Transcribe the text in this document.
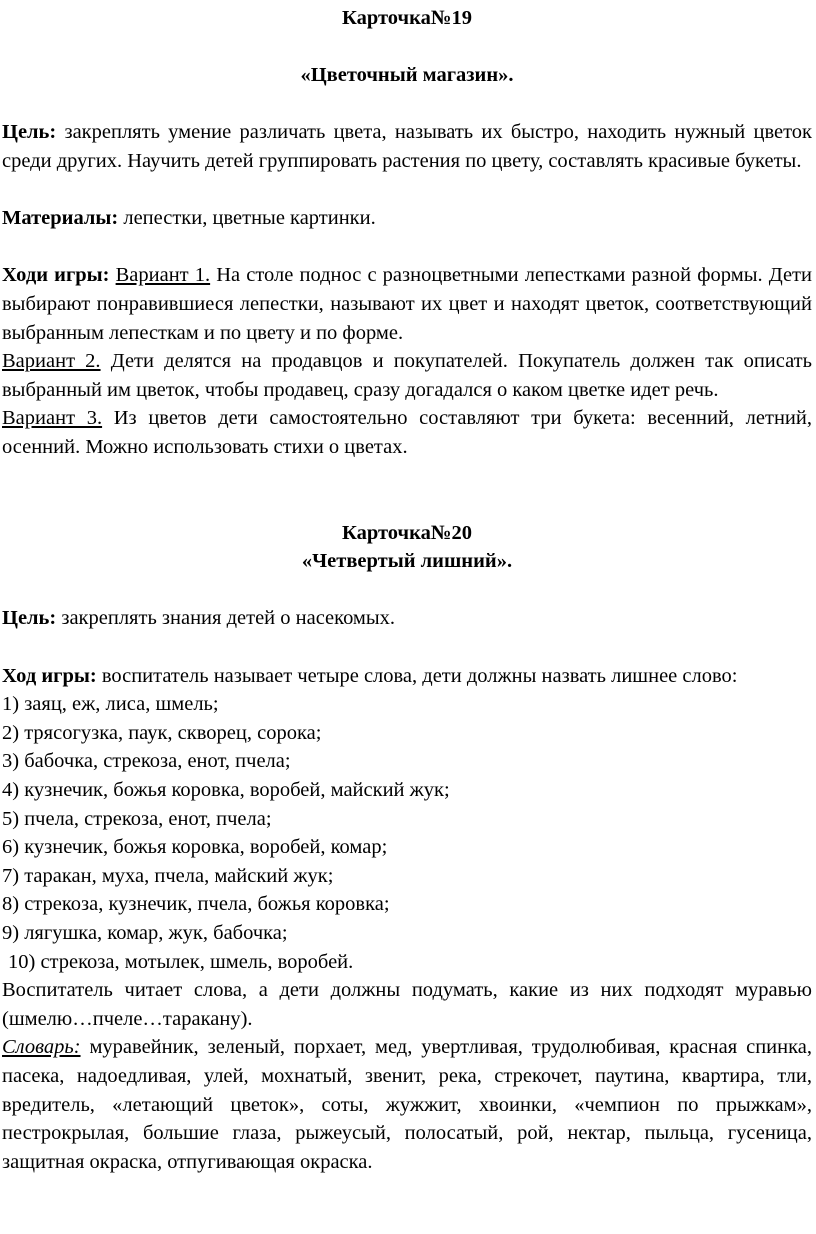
Карточка№19

«Цветочный магазин».

Цель: закреплять умение различать цвета, называть их быстро, находить нужный цветок среди других. Научить детей группировать растения по цвету, составлять красивые букеты.

Материалы: лепестки, цветные картинки.

Ходи игры: Вариант 1. На столе поднос с разноцветными лепестками разной формы. Дети выбирают понравившиеся лепестки, называют их цвет и находят цветок, соответствующий выбранным лепесткам и по цвету и по форме.

Вариант 2. Дети делятся на продавцов и покупателей. Покупатель должен так описать выбранный им цветок, чтобы продавец, сразу догадался о каком цветке идет речь.

Вариант 3. Из цветов дети самостоятельно составляют три букета: весенний, летний, осенний. Можно использовать стихи о цветах.

Карточка№20

«Четвертый лишний».

Цель: закреплять знания детей о насекомых.

Ход игры: воспитатель называет четыре слова, дети должны назвать лишнее слово:

1) заяц, еж, лиса, шмель;

2) трясогузка, паук, скворец, сорока;

3) бабочка, стрекоза, енот, пчела;

4) кузнечик, божья коровка, воробей, майский жук;

5) пчела, стрекоза, енот, пчела;

6) кузнечик, божья коровка, воробей, комар;

7) таракан, муха, пчела, майский жук;

8) стрекоза, кузнечик, пчела, божья коровка;

9) лягушка, комар, жук, бабочка;

10) стрекоза, мотылек, шмель, воробей.

Воспитатель читает слова, а дети должны подумать, какие из них подходят муравью (шмелю…пчеле…таракану).

Словарь: муравейник, зеленый, порхает, мед, увертливая, трудолюбивая, красная спинка, пасека, надоедливая, улей, мохнатый, звенит, река, стрекочет, паутина, квартира, тли, вредитель, «летающий цветок», соты, жужжит, хвоинки, «чемпион по прыжкам», пестрокрылая, большие глаза, рыжеусый, полосатый, рой, нектар, пыльца, гусеница, защитная окраска, отпугивающая окраска.
